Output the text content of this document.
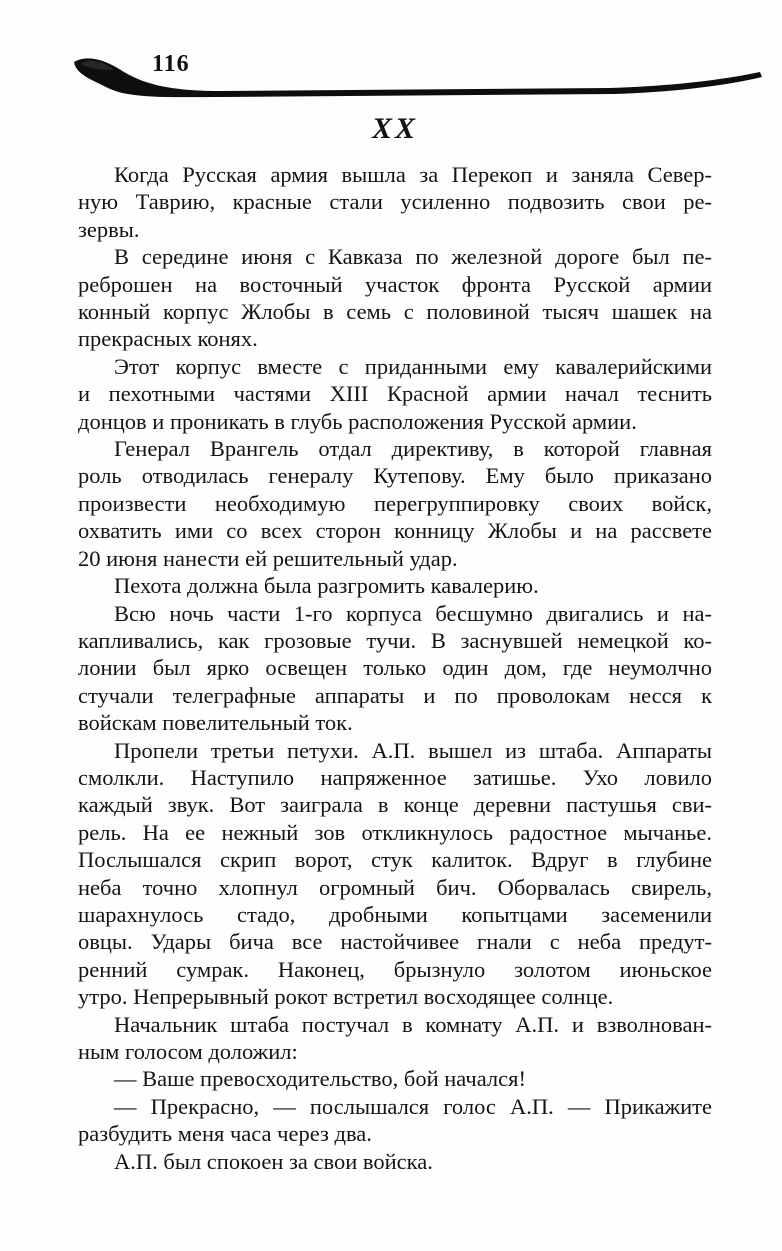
116
XX
Когда Русская армия вышла за Перекоп и заняла Север-
ную Таврию, красные стали усиленно подвозить свои ре-
зервы.
В середине июня с Кавказа по железной дороге был пе-
реброшен на восточный участок фронта Русской армии
конный корпус Жлобы в семь с половиной тысяч шашек на
прекрасных конях.
Этот корпус вместе с приданными ему кавалерийскими
и пехотными частями XIII Красной армии начал теснить
донцов и проникать в глубь расположения Русской армии.
Генерал Врангель отдал директиву, в которой главная
роль отводилась генералу Кутепову. Ему было приказано
произвести необходимую перегруппировку своих войск,
охватить ими со всех сторон конницу Жлобы и на рассвете
20 июня нанести ей решительный удар.
Пехота должна была разгромить кавалерию.
Всю ночь части 1-го корпуса бесшумно двигались и на-
капливались, как грозовые тучи. В заснувшей немецкой ко-
лонии был ярко освещен только один дом, где неумолчно
стучали телеграфные аппараты и по проволокам несся к
войскам повелительный ток.
Пропели третьи петухи. А.П. вышел из штаба. Аппараты
смолкли. Наступило напряженное затишье. Ухо ловило
каждый звук. Вот заиграла в конце деревни пастушья сви-
рель. На ее нежный зов откликнулось радостное мычанье.
Послышался скрип ворот, стук калиток. Вдруг в глубине
неба точно хлопнул огромный бич. Оборвалась свирель,
шарахнулось стадо, дробными копытцами засеменили
овцы. Удары бича все настойчивее гнали с неба предут-
ренний сумрак. Наконец, брызнуло золотом июньское
утро. Непрерывный рокот встретил восходящее солнце.
Начальник штаба постучал в комнату А.П. и взволнован-
ным голосом доложил:
— Ваше превосходительство, бой начался!
— Прекрасно, — послышался голос А.П. — Прикажите
разбудить меня часа через два.
А.П. был спокоен за свои войска.
